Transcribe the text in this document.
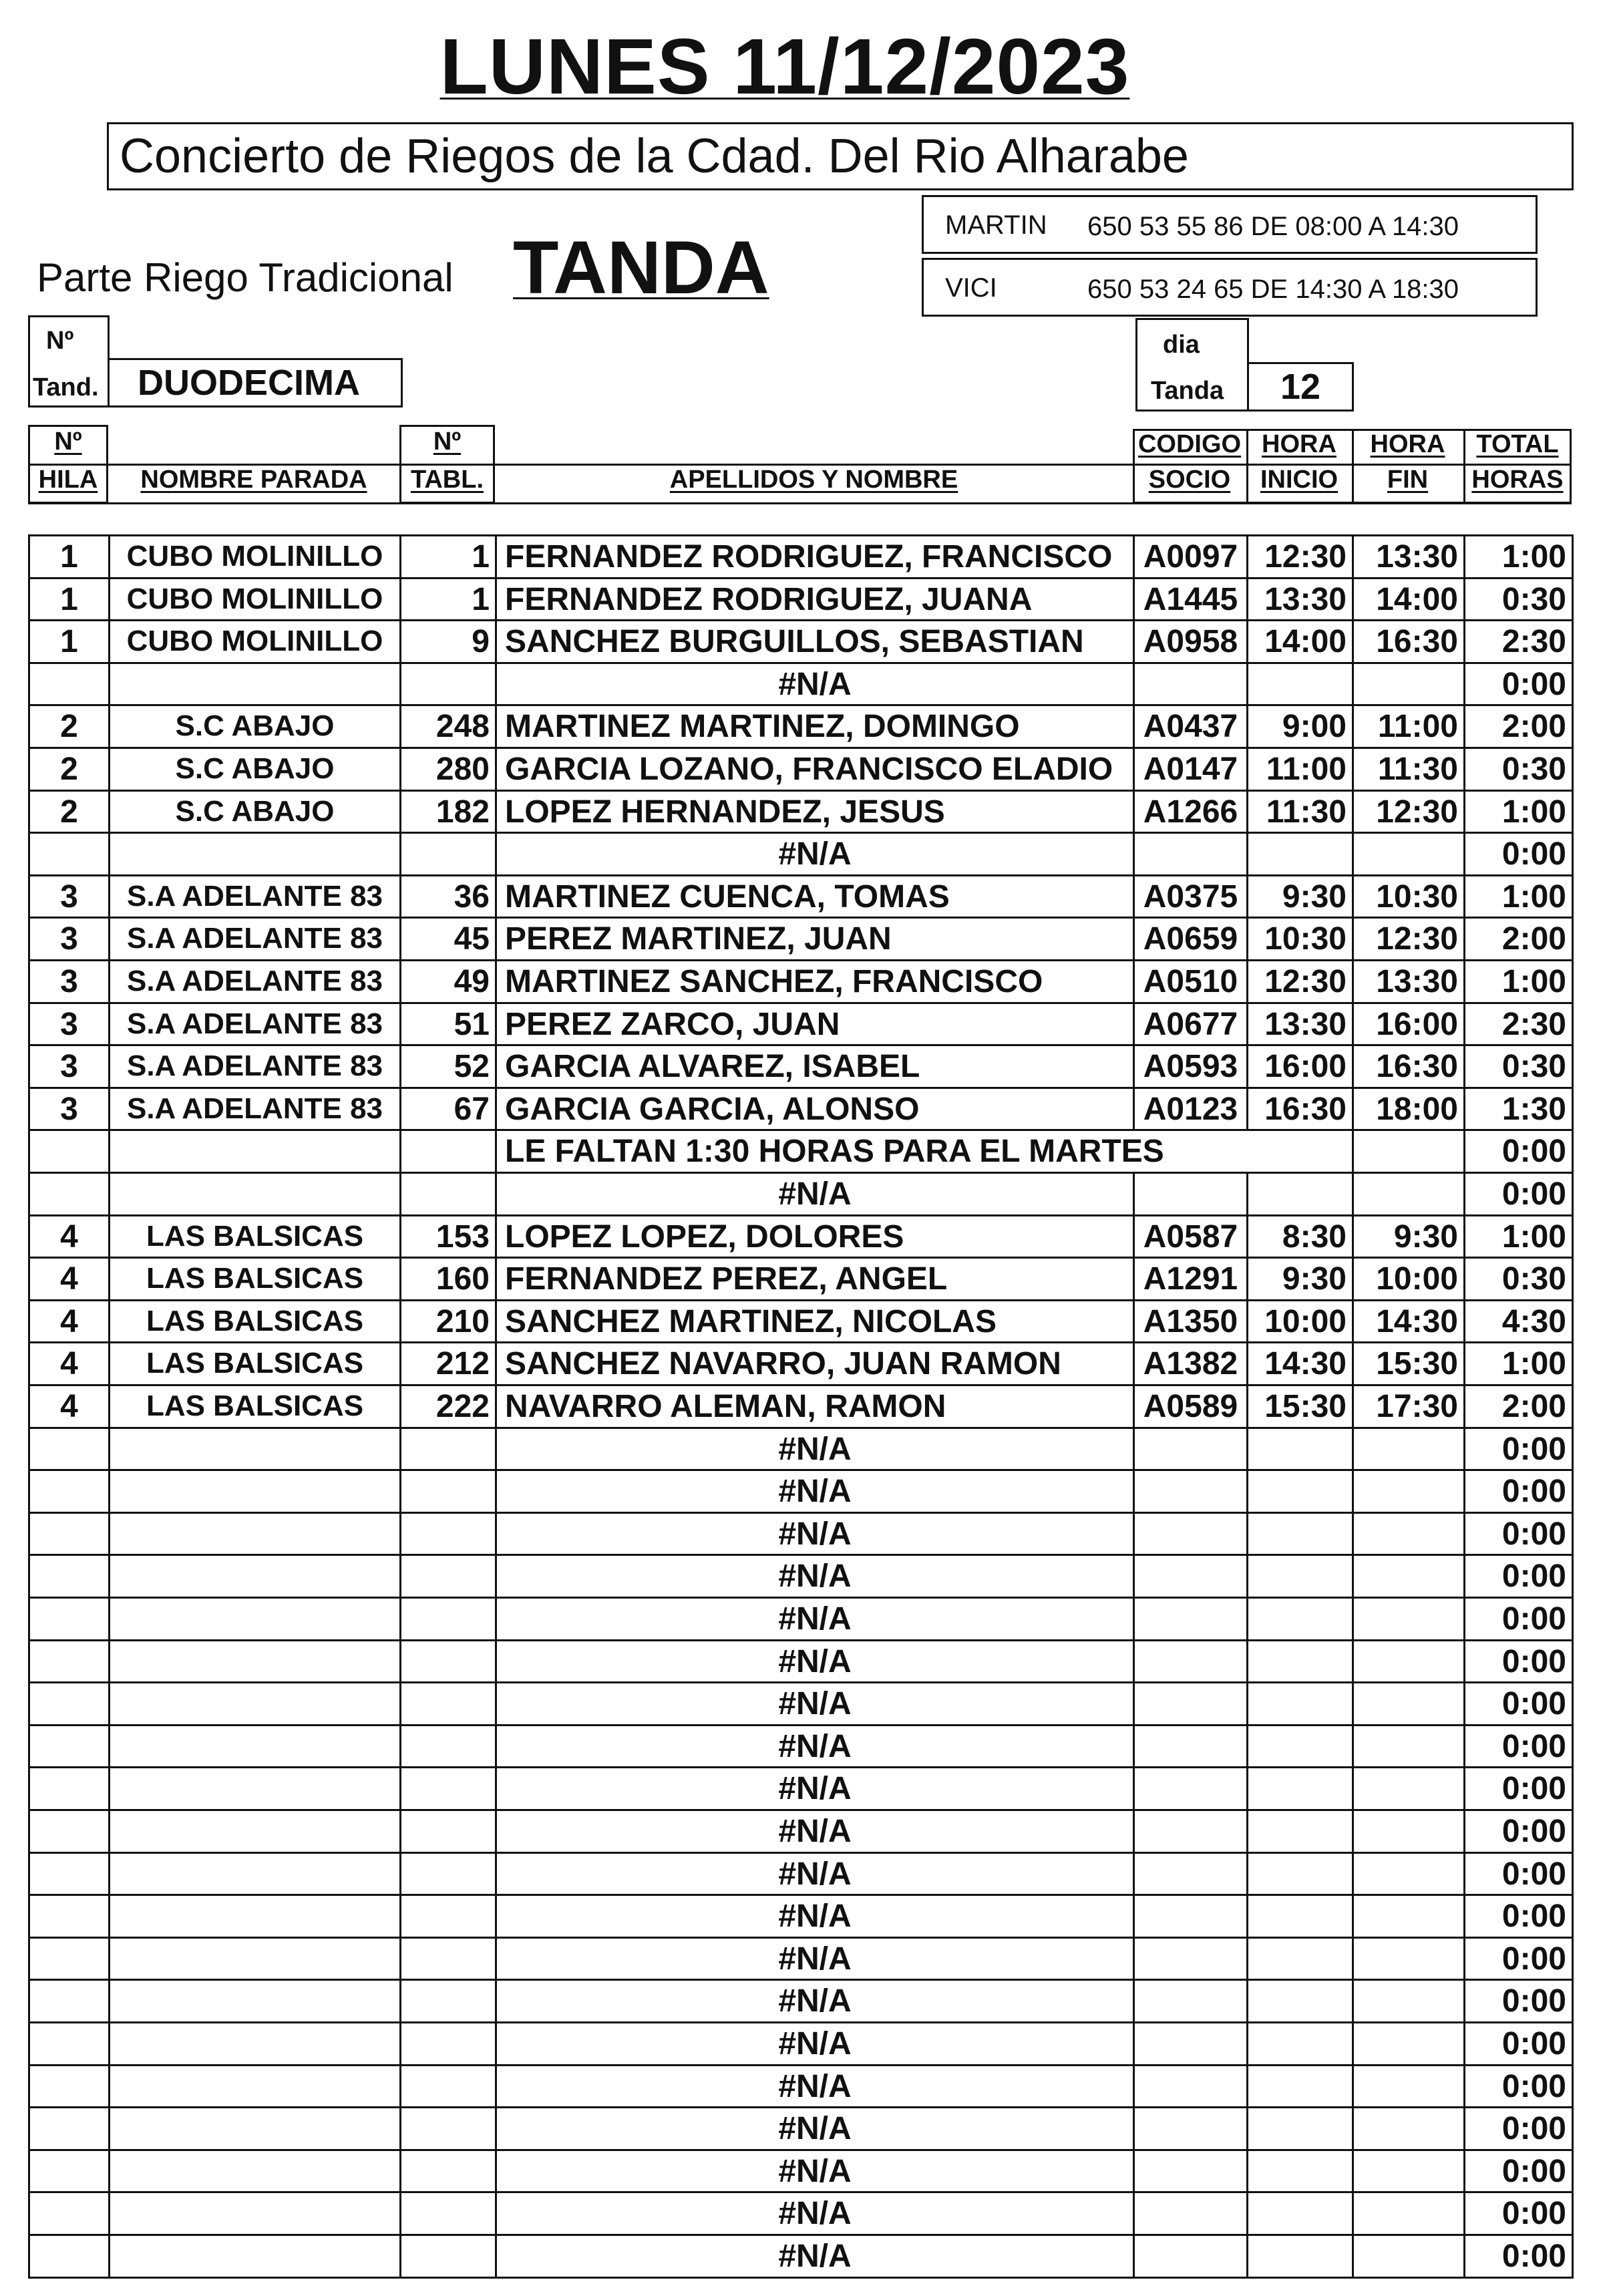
LUNES 11/12/2023
Concierto de Riegos de la Cdad. Del Rio Alharabe
Parte Riego Tradicional TANDA
MARTIN 650 53 55 86 DE 08:00 A 14:30
VICI	650 53 24 65 DE 14:30 A 18:30
Nº
Tand. DUODECIMA
dia
Tanda 12
Nº
HILA	NOMBRE PARADA
Nº
TABL.	APELLIDOS Y NOMBRE
CODIGO
SOCIO
HORA
INICIO
HORA
FIN
TOTAL
HORAS
1	CUBO MOLINILLO	1 FERNANDEZ RODRIGUEZ, FRANCISCO A0097 12:30 13:30	1:00
1	CUBO MOLINILLO	1 FERNANDEZ RODRIGUEZ, JUANA	A1445 13:30 14:00	0:30
1	CUBO MOLINILLO	9 SANCHEZ BURGUILLOS, SEBASTIAN	A0958 14:00 16:30	2:30
#N/A	0:00
2	S.C ABAJO	248 MARTINEZ MARTINEZ, DOMINGO	A0437	9:00 11:00	2:00
2	S.C ABAJO	280 GARCIA LOZANO, FRANCISCO ELADIO A0147 11:00 11:30	0:30
2	S.C ABAJO	182 LOPEZ HERNANDEZ, JESUS	A1266 11:30 12:30	1:00
#N/A	0:00
3	S.A ADELANTE 83	36 MARTINEZ CUENCA, TOMAS	A0375	9:30 10:30	1:00
3	S.A ADELANTE 83	45 PEREZ MARTINEZ, JUAN	A0659 10:30 12:30	2:00
3	S.A ADELANTE 83	49 MARTINEZ SANCHEZ, FRANCISCO	A0510 12:30 13:30	1:00
3	S.A ADELANTE 83	51 PEREZ ZARCO, JUAN	A0677 13:30 16:00	2:30
3	S.A ADELANTE 83	52 GARCIA ALVAREZ, ISABEL	A0593 16:00 16:30	0:30
3	S.A ADELANTE 83	67 GARCIA GARCIA, ALONSO	A0123 16:30 18:00	1:30
LE FALTAN 1:30 HORAS PARA EL MARTES	0:00
#N/A	0:00
4	LAS BALSICAS	153 LOPEZ LOPEZ, DOLORES	A0587	8:30	9:30	1:00
4	LAS BALSICAS	160 FERNANDEZ PEREZ, ANGEL	A1291	9:30 10:00	0:30
4	LAS BALSICAS	210 SANCHEZ MARTINEZ, NICOLAS	A1350 10:00 14:30	4:30
4	LAS BALSICAS	212 SANCHEZ NAVARRO, JUAN RAMON	A1382 14:30 15:30	1:00
4	LAS BALSICAS	222 NAVARRO ALEMAN, RAMON	A0589 15:30 17:30	2:00
#N/A	0:00
#N/A	0:00
#N/A	0:00
#N/A	0:00
#N/A	0:00
#N/A	0:00
#N/A	0:00
#N/A	0:00
#N/A	0:00
#N/A	0:00
#N/A	0:00
#N/A	0:00
#N/A	0:00
#N/A	0:00
#N/A	0:00
#N/A	0:00
#N/A	0:00
#N/A	0:00
#N/A	0:00
#N/A	0:00
